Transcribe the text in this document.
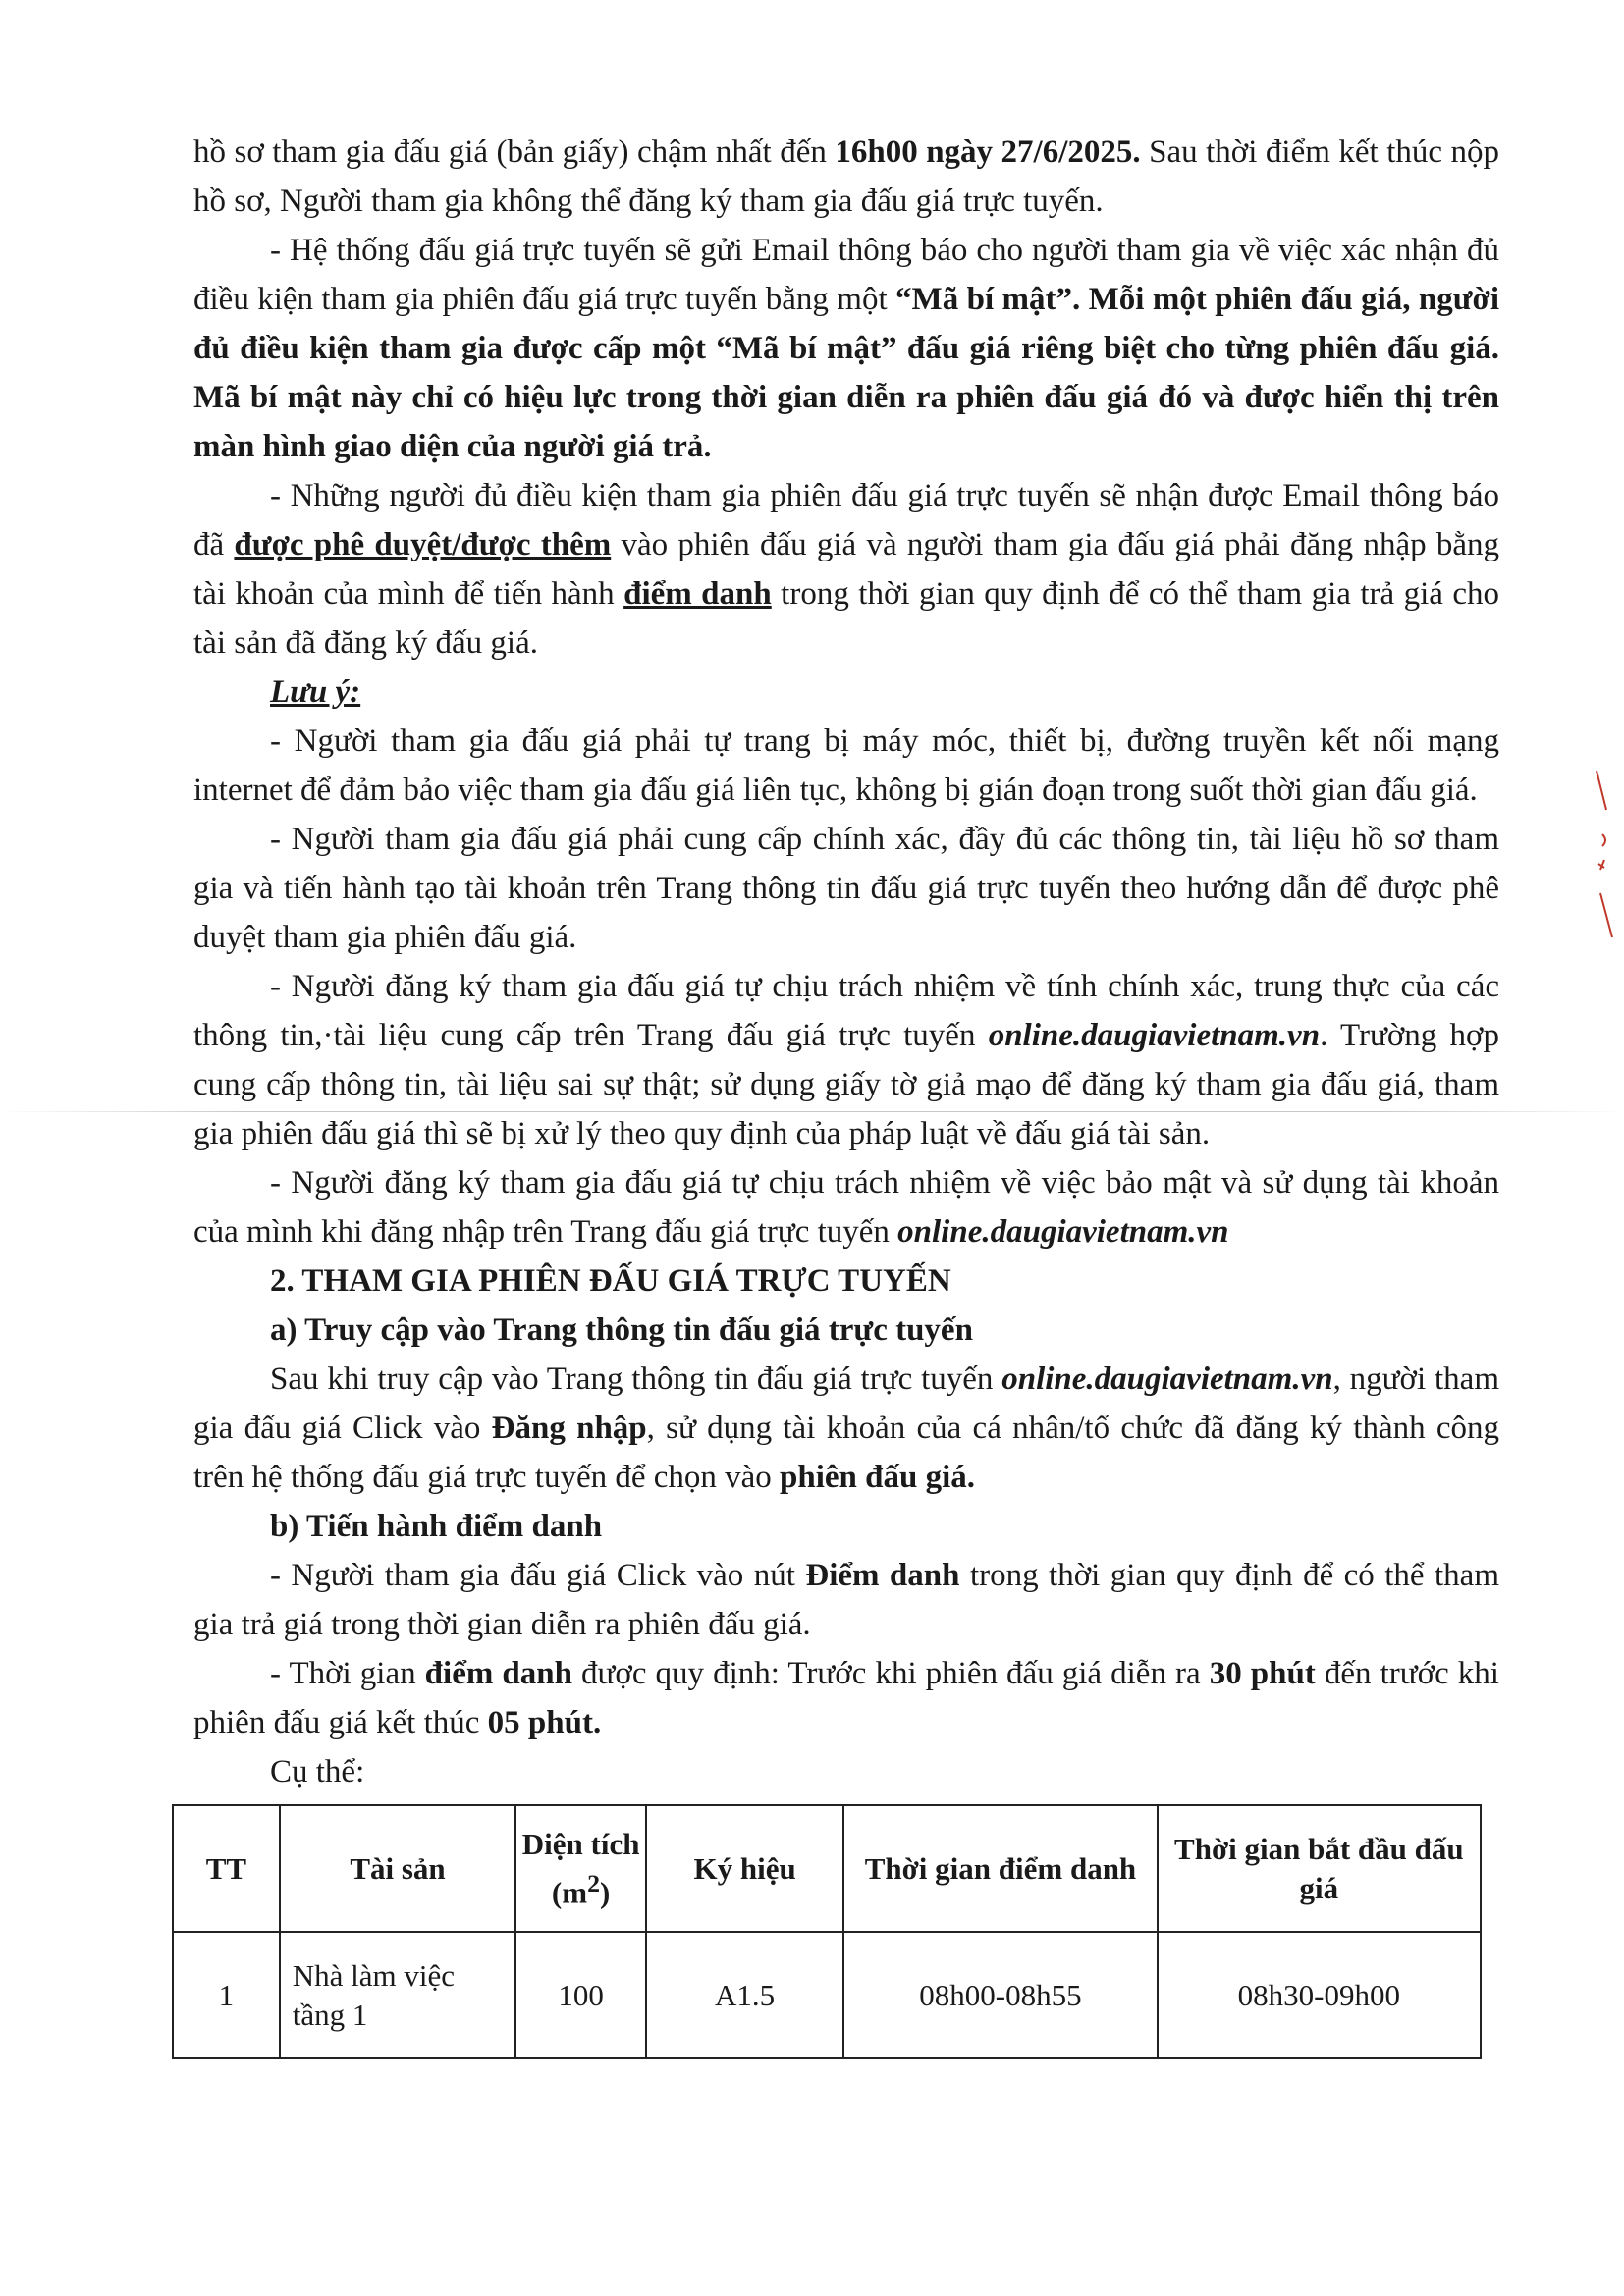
hồ sơ tham gia đấu giá (bản giấy) chậm nhất đến 16h00 ngày 27/6/2025. Sau thời điểm kết thúc nộp hồ sơ, Người tham gia không thể đăng ký tham gia đấu giá trực tuyến.

- Hệ thống đấu giá trực tuyến sẽ gửi Email thông báo cho người tham gia về việc xác nhận đủ điều kiện tham gia phiên đấu giá trực tuyến bằng một “Mã bí mật”. Mỗi một phiên đấu giá, người đủ điều kiện tham gia được cấp một “Mã bí mật” đấu giá riêng biệt cho từng phiên đấu giá. Mã bí mật này chỉ có hiệu lực trong thời gian diễn ra phiên đấu giá đó và được hiển thị trên màn hình giao diện của người giá trả.

- Những người đủ điều kiện tham gia phiên đấu giá trực tuyến sẽ nhận được Email thông báo đã được phê duyệt/được thêm vào phiên đấu giá và người tham gia đấu giá phải đăng nhập bằng tài khoản của mình để tiến hành điểm danh trong thời gian quy định để có thể tham gia trả giá cho tài sản đã đăng ký đấu giá.

Lưu ý:

- Người tham gia đấu giá phải tự trang bị máy móc, thiết bị, đường truyền kết nối mạng internet để đảm bảo việc tham gia đấu giá liên tục, không bị gián đoạn trong suốt thời gian đấu giá.

- Người tham gia đấu giá phải cung cấp chính xác, đầy đủ các thông tin, tài liệu hồ sơ tham gia và tiến hành tạo tài khoản trên Trang thông tin đấu giá trực tuyến theo hướng dẫn để được phê duyệt tham gia phiên đấu giá.

- Người đăng ký tham gia đấu giá tự chịu trách nhiệm về tính chính xác, trung thực của các thông tin,·tài liệu cung cấp trên Trang đấu giá trực tuyến online.daugiavietnam.vn. Trường hợp cung cấp thông tin, tài liệu sai sự thật; sử dụng giấy tờ giả mạo để đăng ký tham gia đấu giá, tham gia phiên đấu giá thì sẽ bị xử lý theo quy định của pháp luật về đấu giá tài sản.

- Người đăng ký tham gia đấu giá tự chịu trách nhiệm về việc bảo mật và sử dụng tài khoản của mình khi đăng nhập trên Trang đấu giá trực tuyến online.daugiavietnam.vn

2. THAM GIA PHIÊN ĐẤU GIÁ TRỰC TUYẾN

a) Truy cập vào Trang thông tin đấu giá trực tuyến

Sau khi truy cập vào Trang thông tin đấu giá trực tuyến online.daugiavietnam.vn, người tham gia đấu giá Click vào Đăng nhập, sử dụng tài khoản của cá nhân/tổ chức đã đăng ký thành công trên hệ thống đấu giá trực tuyến để chọn vào phiên đấu giá.

b) Tiến hành điểm danh

- Người tham gia đấu giá Click vào nút Điểm danh trong thời gian quy định để có thể tham gia trả giá trong thời gian diễn ra phiên đấu giá.

- Thời gian điểm danh được quy định: Trước khi phiên đấu giá diễn ra 30 phút đến trước khi phiên đấu giá kết thúc 05 phút.

Cụ thể:

TT	Tài sản	Diện tích $(m^2)$	Ký hiệu	Thời gian điểm danh	Thời gian bắt đầu đấu giá
1	Nhà làm việc tầng 1	100	A1.5	08h00-08h55	08h30-09h00
